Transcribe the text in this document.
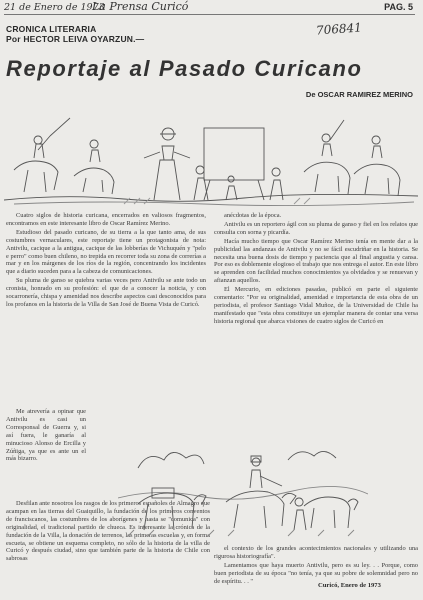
21 de Enero de 1973
La Prensa Curicó	PAG. 5
706841
CRONICA LITERARIA
Por HECTOR LEIVA OYARZUN.—
Reportaje al Pasado Curicano
De OSCAR RAMIREZ MERINO

Cuatro siglos de historia curicana, encerrados en valiosos fragmentos, encontramos en este interesante libro de Oscar Ramírez Merino.

Estudioso del pasado curicano, de su tierra a la que tanto ama, de sus costumbres vernaculares, este reportaje tiene un protagonista de nota: Antivilu, cacique a la antigua, cacique de las lobberías de Vichuquén y "pelo e perro" como buen chileno, no trepida en recorrer toda su zona de correrías a mar y en los márgenes de los ríos de la región, concentrando los incidentes que a diario suceden para a la cabeza de comunicaciones.

Su pluma de ganso se quiebra varias veces pero Antivilu se ante todo un cronista, honrado en su profesión: el que de a conocer la noticia, y con socarronería, chispa y amenidad nos describe aspectos casi desconocidos para los profanos en la historia de la Villa de San José de Buena Vista de Curicó.

Me atrevería a opinar que Antivilu es casi un Corresponsal de Guerra y, si así fuera, le ganaría al minucioso Alonso de Ercilla y Zúñiga, ya que es ante un el más bizarro.

Desfilan ante nosotros los rasgos de los primeros españoles de Almagro que acampan en las tierras del Guaiquillo, la fundación de los primeros conventos de franciscanos, las costumbres de los aborígenes y hasta se "comunica" con originalidad, el tradicional partido de chueca. Es interesante la crónica de la fundación de la Villa, la donación de terrenos, las primeras escuelas y, en forma escueta, se obtiene un esquema completo, no sólo de la historia de la villa de Curicó y después ciudad, sino que también parte de la historia de Chile con sabrosas

anécdotas de la época.

Antivilu es un reportero ágil con su pluma de ganso y fiel en los relatos que consulta con sorna y picardía.

Hacía mucho tiempo que Oscar Ramírez Merino tenía en mente dar a la publicidad las andanzas de Antivilu y no se fácil escudriñar en la historia. Se necesita una buena dosis de tiempo y paciencia que al final angustia y cansa. Por eso es doblemente elogioso el trabajo que nos entrega el autor. En este libro se aprenden con facilidad muchos conocimientos ya olvidados y se renuevan y afianzan aquellos.

El Mercurio, en ediciones pasadas, publicó en parte el siguiente comentario: "Por su originalidad, amenidad e importancia de esta obra de un periodista, el profesor Santiago Vidal Muñoz, de la Universidad de Chile ha manifestado que "esta obra constituye un ejemplar manera de contar una versa historia regional que abarca visiones de cuatro siglos de Curicó en

el contexto de los grandes acontecimientos nacionales y utilizando una rigurosa historiografía".

Lamentamos que haya muerto Antivilu, pero es su ley. . . Porque, como buen periodista de su época "no tenía, ya que su pobre de solemnidad pero no de espíritu. . . "

Curicó, Enero de 1973
